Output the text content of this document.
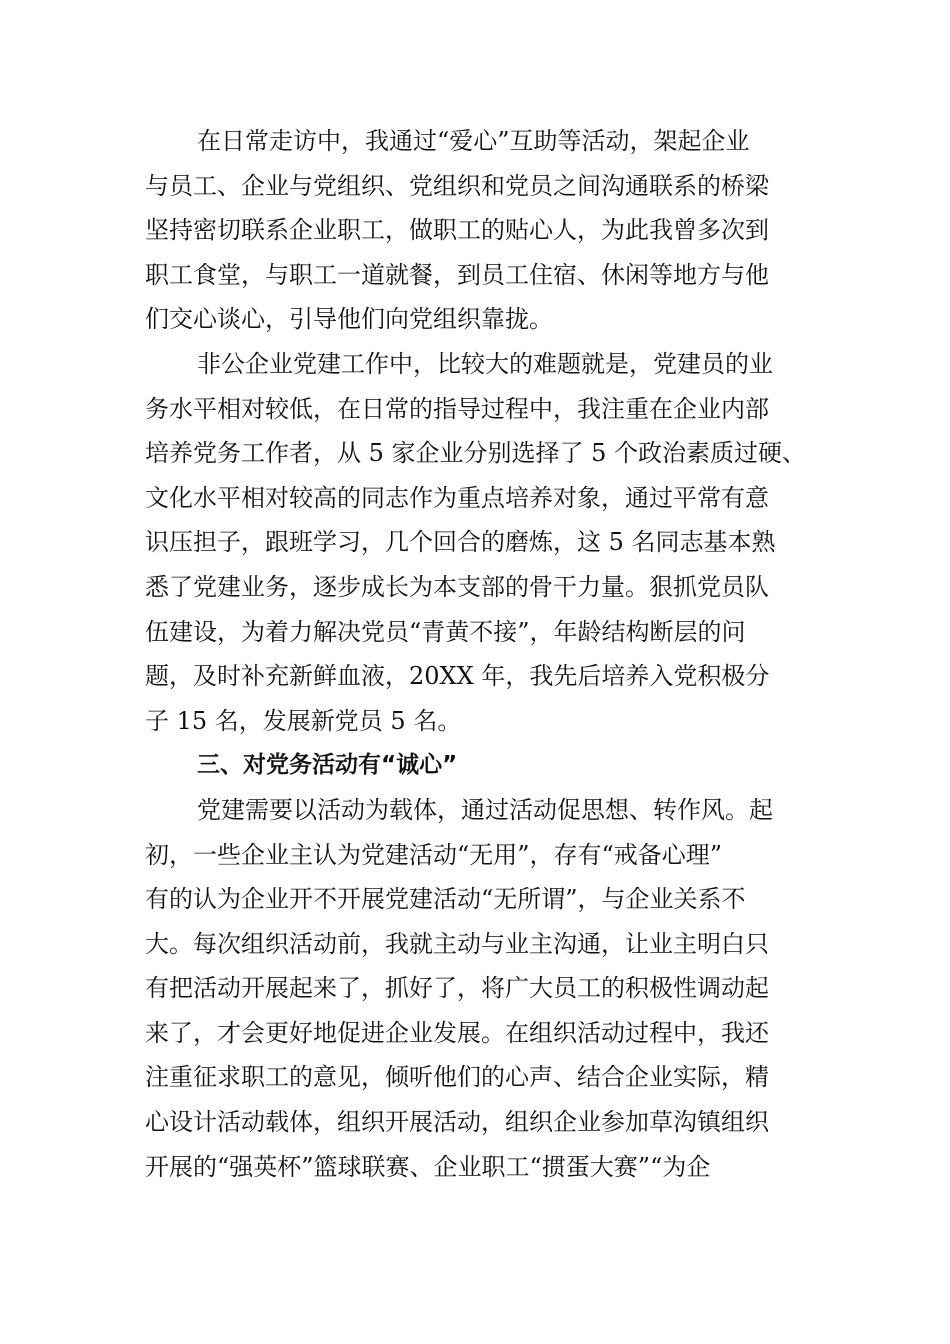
在日常走访中，我通过“爱心”互助等活动，架起企业
与员工、企业与党组织、党组织和党员之间沟通联系的桥梁
坚持密切联系企业职工，做职工的贴心人，为此我曾多次到
职工食堂，与职工一道就餐，到员工住宿、休闲等地方与他
们交心谈心，引导他们向党组织靠拢。
非公企业党建工作中，比较大的难题就是，党建员的业
务水平相对较低，在日常的指导过程中，我注重在企业内部
培养党务工作者，从 5 家企业分别选择了 5 个政治素质过硬、
文化水平相对较高的同志作为重点培养对象，通过平常有意
识压担子，跟班学习，几个回合的磨炼，这 5 名同志基本熟
悉了党建业务，逐步成长为本支部的骨干力量。狠抓党员队
伍建设，为着力解决党员“青黄不接”，年龄结构断层的问
题，及时补充新鲜血液，20XX 年，我先后培养入党积极分
子 15 名，发展新党员 5 名。
三、对党务活动有“诚心”
党建需要以活动为载体，通过活动促思想、转作风。起
初，一些企业主认为党建活动“无用”，存有“戒备心理”
有的认为企业开不开展党建活动“无所谓”，与企业关系不
大。每次组织活动前，我就主动与业主沟通，让业主明白只
有把活动开展起来了，抓好了，将广大员工的积极性调动起
来了，才会更好地促进企业发展。在组织活动过程中，我还
注重征求职工的意见，倾听他们的心声、结合企业实际，精
心设计活动载体，组织开展活动，组织企业参加草沟镇组织
开展的“强英杯”篮球联赛、企业职工“掼蛋大赛”“为企
